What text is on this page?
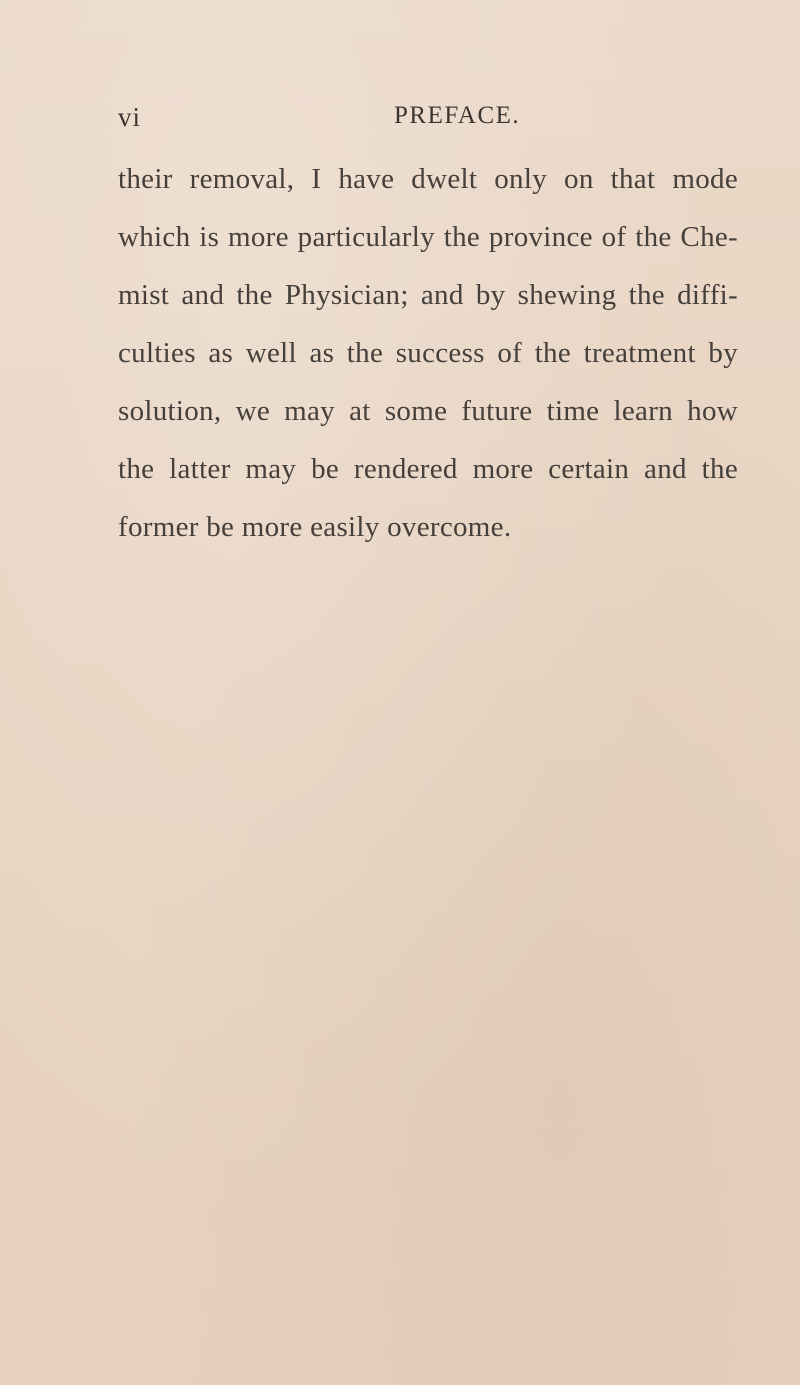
vi	PREFACE.
their removal, I have dwelt only on that mode
which is more particularly the province of the Che-
mist and the Physician; and by shewing the diffi-
culties as well as the success of the treatment by
solution, we may at some future time learn how
the latter may be rendered more certain and the
former be more easily overcome.
